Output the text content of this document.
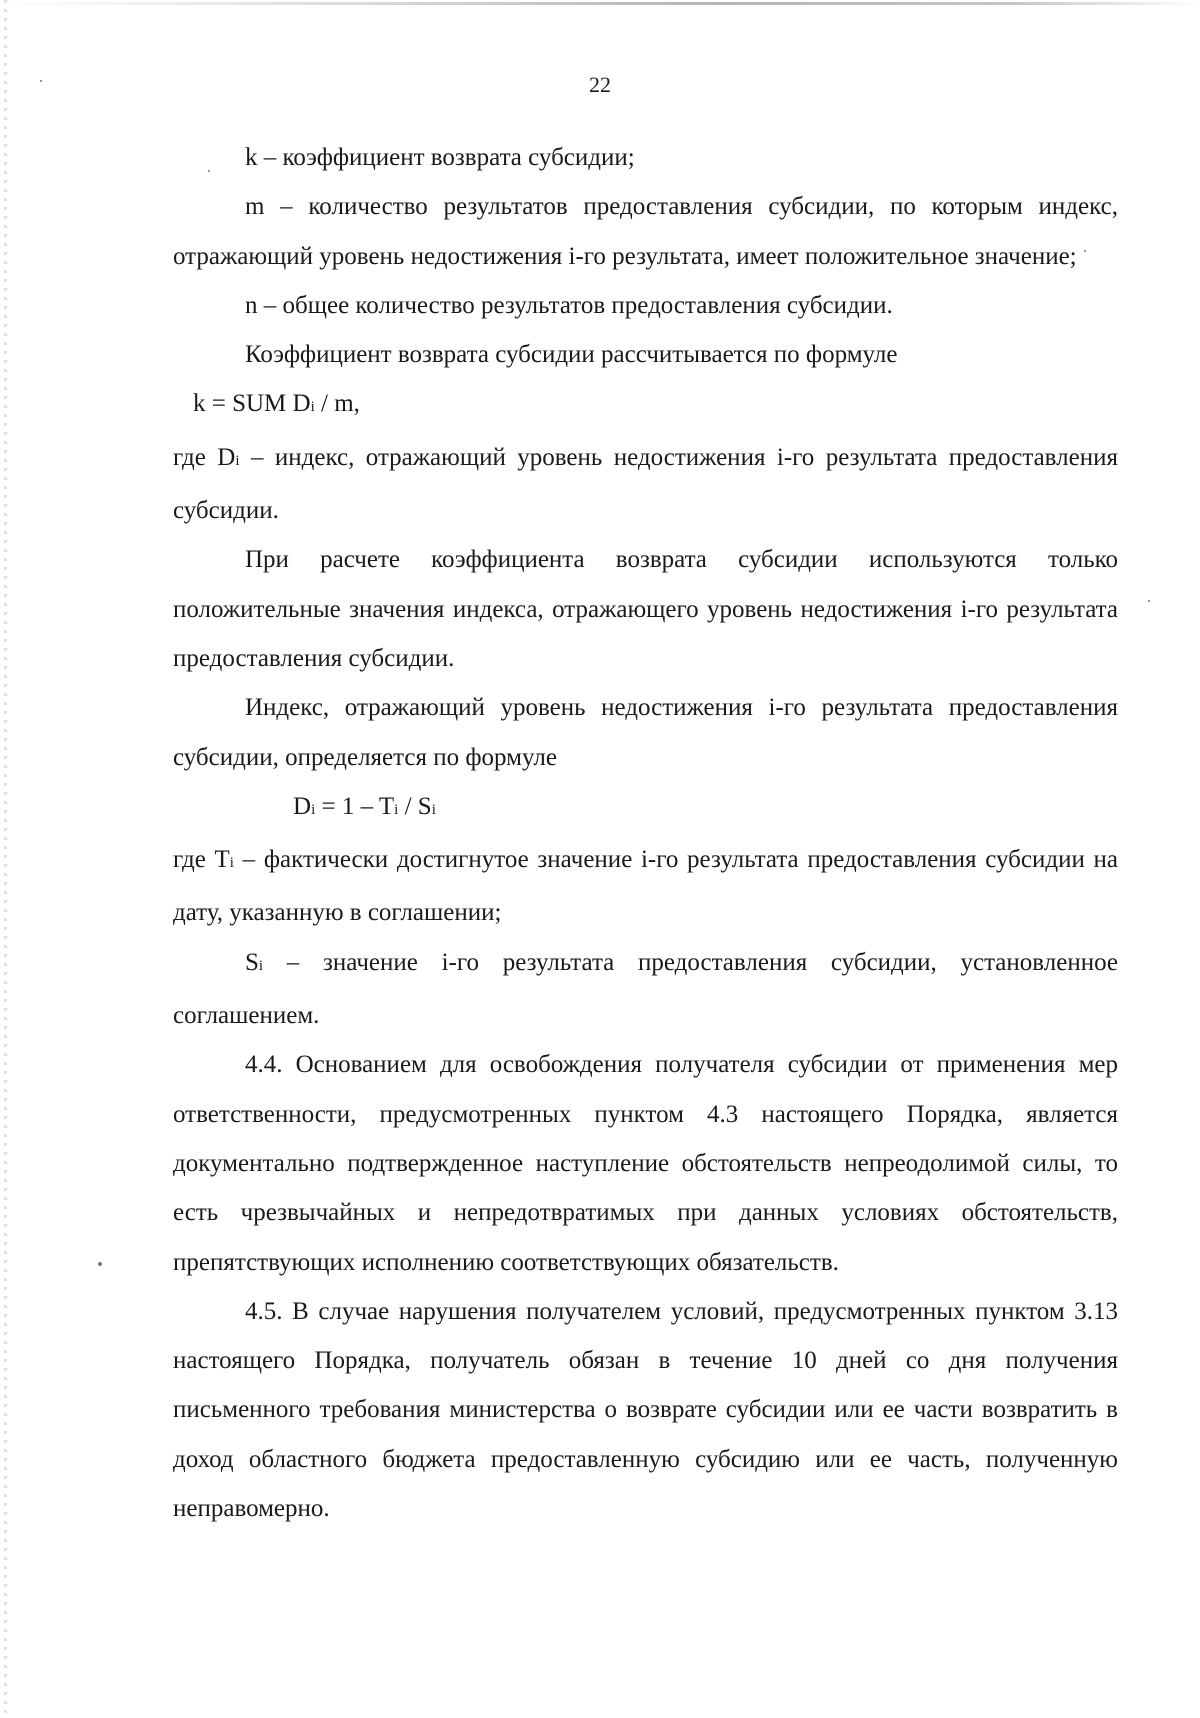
22

k – коэффициент возврата субсидии;

m – количество результатов предоставления субсидии, по которым индекс, отражающий уровень недостижения i-го результата, имеет положительное значение;

n – общее количество результатов предоставления субсидии.

Коэффициент возврата субсидии рассчитывается по формуле

k = SUM Di / m,

где Di – индекс, отражающий уровень недостижения i-го результата предоставления субсидии.

При расчете коэффициента возврата субсидии используются только положительные значения индекса, отражающего уровень недостижения i-го результата предоставления субсидии.

Индекс, отражающий уровень недостижения i-го результата предоставления субсидии, определяется по формуле

Di = 1 – Ti / Si

где Ti – фактически достигнутое значение i-го результата предоставления субсидии на дату, указанную в соглашении;

Si – значение i-го результата предоставления субсидии, установленное соглашением.

4.4. Основанием для освобождения получателя субсидии от применения мер ответственности, предусмотренных пунктом 4.3 настоящего Порядка, является документально подтвержденное наступление обстоятельств непреодолимой силы, то есть чрезвычайных и непредотвратимых при данных условиях обстоятельств, препятствующих исполнению соответствующих обязательств.

4.5. В случае нарушения получателем условий, предусмотренных пунктом 3.13 настоящего Порядка, получатель обязан в течение 10 дней со дня получения письменного требования министерства о возврате субсидии или ее части возвратить в доход областного бюджета предоставленную субсидию или ее часть, полученную неправомерно.
